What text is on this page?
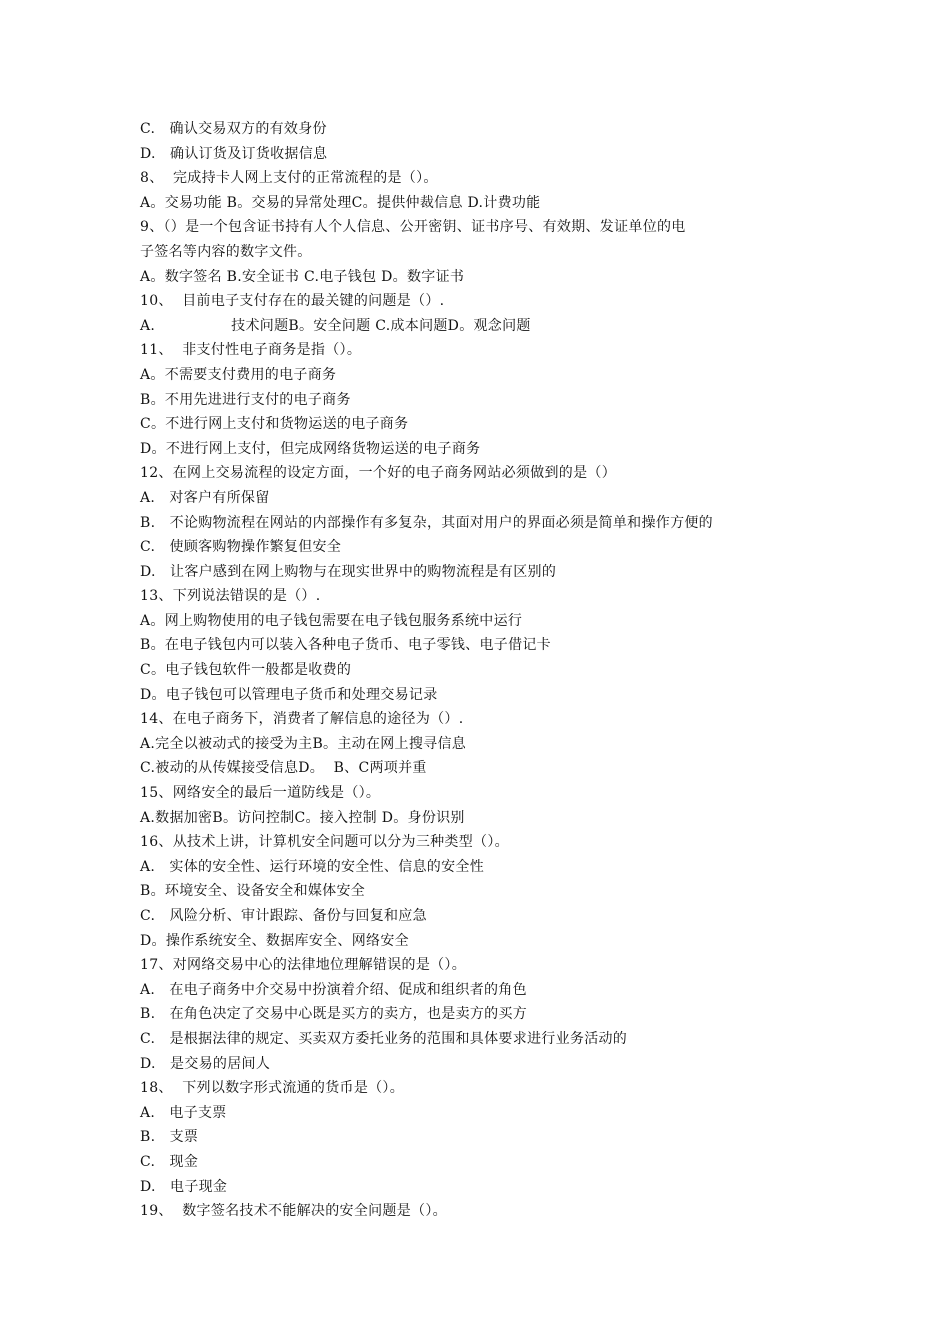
C.   确认交易双方的有效身份
D.   确认订货及订货收据信息
8、  完成持卡人网上支付的正常流程的是（）。
A。交易功能 B。交易的异常处理C。提供仲裁信息 D.计费功能
9、（）是一个包含证书持有人个人信息、公开密钥、证书序号、有效期、发证单位的电
子签名等内容的数字文件。
A。数字签名 B.安全证书 C.电子钱包 D。数字证书
10、  目前电子支付存在的最关键的问题是（）.
A.                技术问题B。安全问题 C.成本问题D。观念问题
11、  非支付性电子商务是指（）。
A。不需要支付费用的电子商务
B。不用先进进行支付的电子商务
C。不进行网上支付和货物运送的电子商务
D。不进行网上支付，但完成网络货物运送的电子商务
12、在网上交易流程的设定方面，一个好的电子商务网站必须做到的是（）
A.   对客户有所保留
B.   不论购物流程在网站的内部操作有多复杂，其面对用户的界面必须是简单和操作方便的
C.   使顾客购物操作繁复但安全
D.   让客户感到在网上购物与在现实世界中的购物流程是有区别的
13、下列说法错误的是（）.
A。网上购物使用的电子钱包需要在电子钱包服务系统中运行
B。在电子钱包内可以装入各种电子货币、电子零钱、电子借记卡
C。电子钱包软件一般都是收费的
D。电子钱包可以管理电子货币和处理交易记录
14、在电子商务下，消费者了解信息的途径为（）.
A.完全以被动式的接受为主B。主动在网上搜寻信息
C.被动的从传媒接受信息D。  B、C两项并重
15、网络安全的最后一道防线是（）。
A.数据加密B。访问控制C。接入控制 D。身份识别
16、从技术上讲，计算机安全问题可以分为三种类型（）。
A.   实体的安全性、运行环境的安全性、信息的安全性
B。环境安全、设备安全和媒体安全
C.   风险分析、审计跟踪、备份与回复和应急
D。操作系统安全、数据库安全、网络安全
17、对网络交易中心的法律地位理解错误的是（）。
A.   在电子商务中介交易中扮演着介绍、促成和组织者的角色
B.   在角色决定了交易中心既是买方的卖方，也是卖方的买方
C.   是根据法律的规定、买卖双方委托业务的范围和具体要求进行业务活动的
D.   是交易的居间人
18、  下列以数字形式流通的货币是（）。
A.   电子支票
B.   支票
C.   现金
D.   电子现金
19、  数字签名技术不能解决的安全问题是（）。
